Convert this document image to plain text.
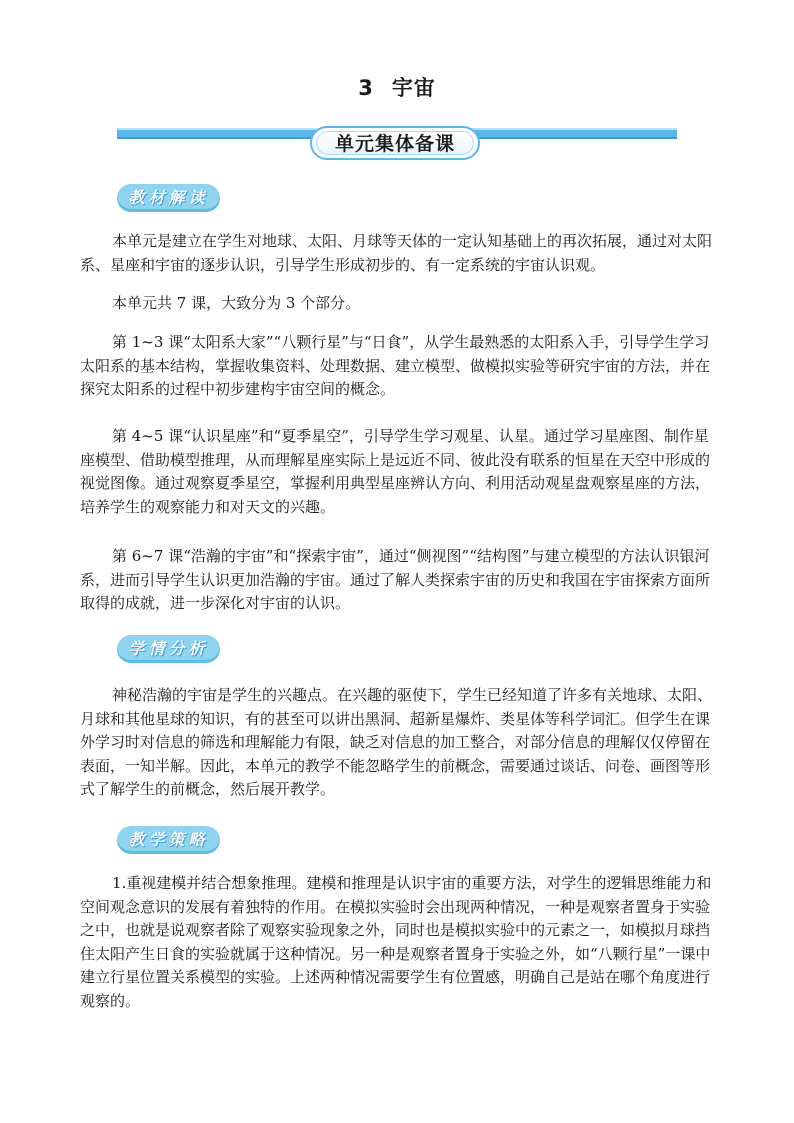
3 宇宙
单元集体备课
教材解读

本单元是建立在学生对地球、太阳、月球等天体的一定认知基础上的再次拓展，通过对太阳系、星座和宇宙的逐步认识，引导学生形成初步的、有一定系统的宇宙认识观。

本单元共 7 课，大致分为 3 个部分。

第 1~3 课“太阳系大家”“八颗行星”与“日食”，从学生最熟悉的太阳系入手，引导学生学习太阳系的基本结构，掌握收集资料、处理数据、建立模型、做模拟实验等研究宇宙的方法，并在探究太阳系的过程中初步建构宇宙空间的概念。

第 4~5 课“认识星座”和“夏季星空”，引导学生学习观星、认星。通过学习星座图、制作星座模型、借助模型推理，从而理解星座实际上是远近不同、彼此没有联系的恒星在天空中形成的视觉图像。通过观察夏季星空，掌握利用典型星座辨认方向、利用活动观星盘观察星座的方法，培养学生的观察能力和对天文的兴趣。

第 6~7 课“浩瀚的宇宙”和“探索宇宙”，通过“侧视图”“结构图”与建立模型的方法认识银河系，进而引导学生认识更加浩瀚的宇宙。通过了解人类探索宇宙的历史和我国在宇宙探索方面所取得的成就，进一步深化对宇宙的认识。

学情分析

神秘浩瀚的宇宙是学生的兴趣点。在兴趣的驱使下，学生已经知道了许多有关地球、太阳、月球和其他星球的知识，有的甚至可以讲出黑洞、超新星爆炸、类星体等科学词汇。但学生在课外学习时对信息的筛选和理解能力有限，缺乏对信息的加工整合，对部分信息的理解仅仅停留在表面，一知半解。因此，本单元的教学不能忽略学生的前概念，需要通过谈话、问卷、画图等形式了解学生的前概念，然后展开教学。

教学策略

1.重视建模并结合想象推理。建模和推理是认识宇宙的重要方法，对学生的逻辑思维能力和空间观念意识的发展有着独特的作用。在模拟实验时会出现两种情况，一种是观察者置身于实验之中，也就是说观察者除了观察实验现象之外，同时也是模拟实验中的元素之一，如模拟月球挡住太阳产生日食的实验就属于这种情况。另一种是观察者置身于实验之外，如“八颗行星”一课中建立行星位置关系模型的实验。上述两种情况需要学生有位置感，明确自己是站在哪个角度进行观察的。
